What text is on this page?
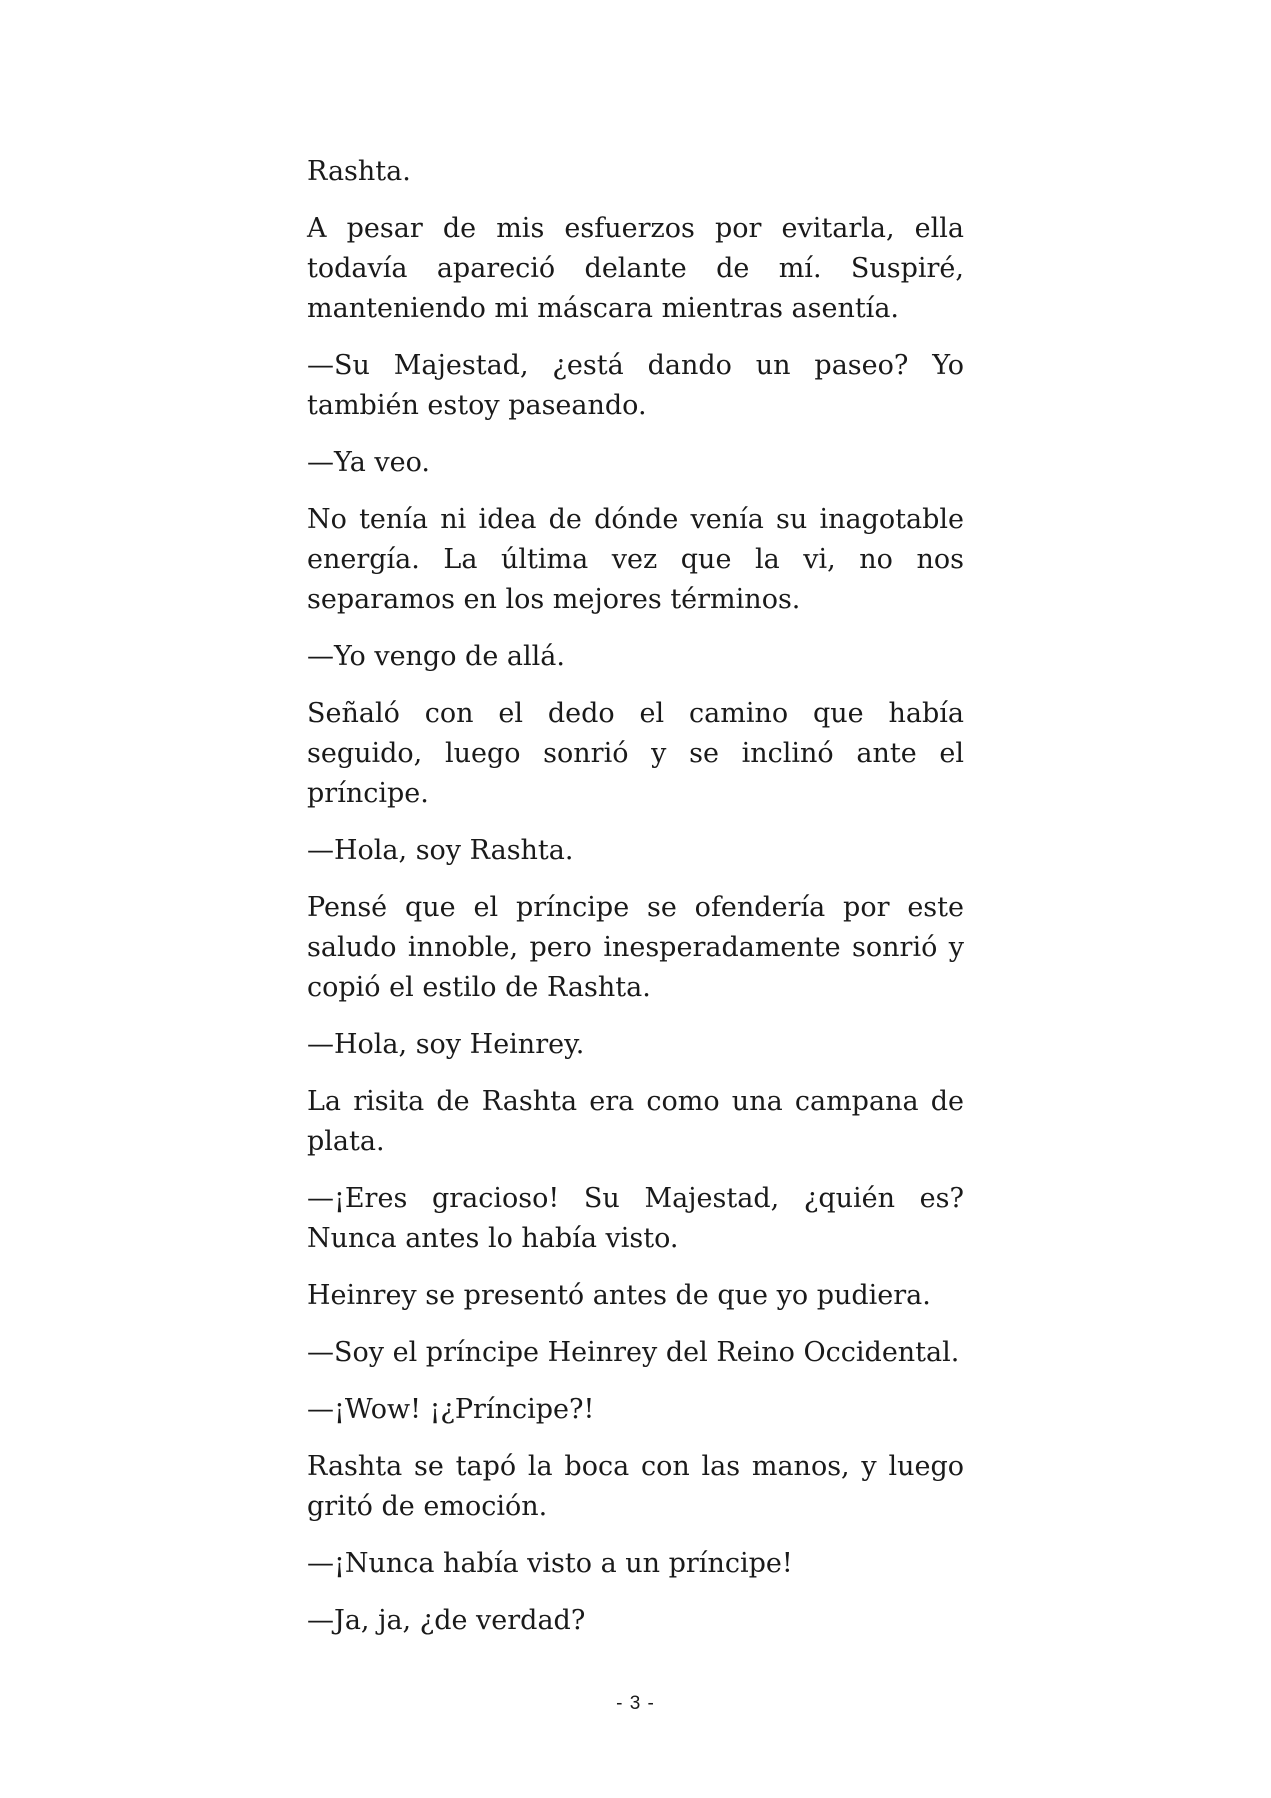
Rashta.

A pesar de mis esfuerzos por evitarla, ella todavía apareció delante de mí. Suspiré, manteniendo mi máscara mientras asentía.

—Su Majestad, ¿está dando un paseo? Yo también estoy paseando.

—Ya veo.

No tenía ni idea de dónde venía su inagotable energía. La última vez que la vi, no nos separamos en los mejores términos.

—Yo vengo de allá.

Señaló con el dedo el camino que había seguido, luego sonrió y se inclinó ante el príncipe.

—Hola, soy Rashta.

Pensé que el príncipe se ofendería por este saludo innoble, pero inesperadamente sonrió y copió el estilo de Rashta.

—Hola, soy Heinrey.

La risita de Rashta era como una campana de plata.

—¡Eres gracioso! Su Majestad, ¿quién es? Nunca antes lo había visto.

Heinrey se presentó antes de que yo pudiera.

—Soy el príncipe Heinrey del Reino Occidental.

—¡Wow! ¡¿Príncipe?!

Rashta se tapó la boca con las manos, y luego gritó de emoción.

—¡Nunca había visto a un príncipe!

—Ja, ja, ¿de verdad?

- 3 -
